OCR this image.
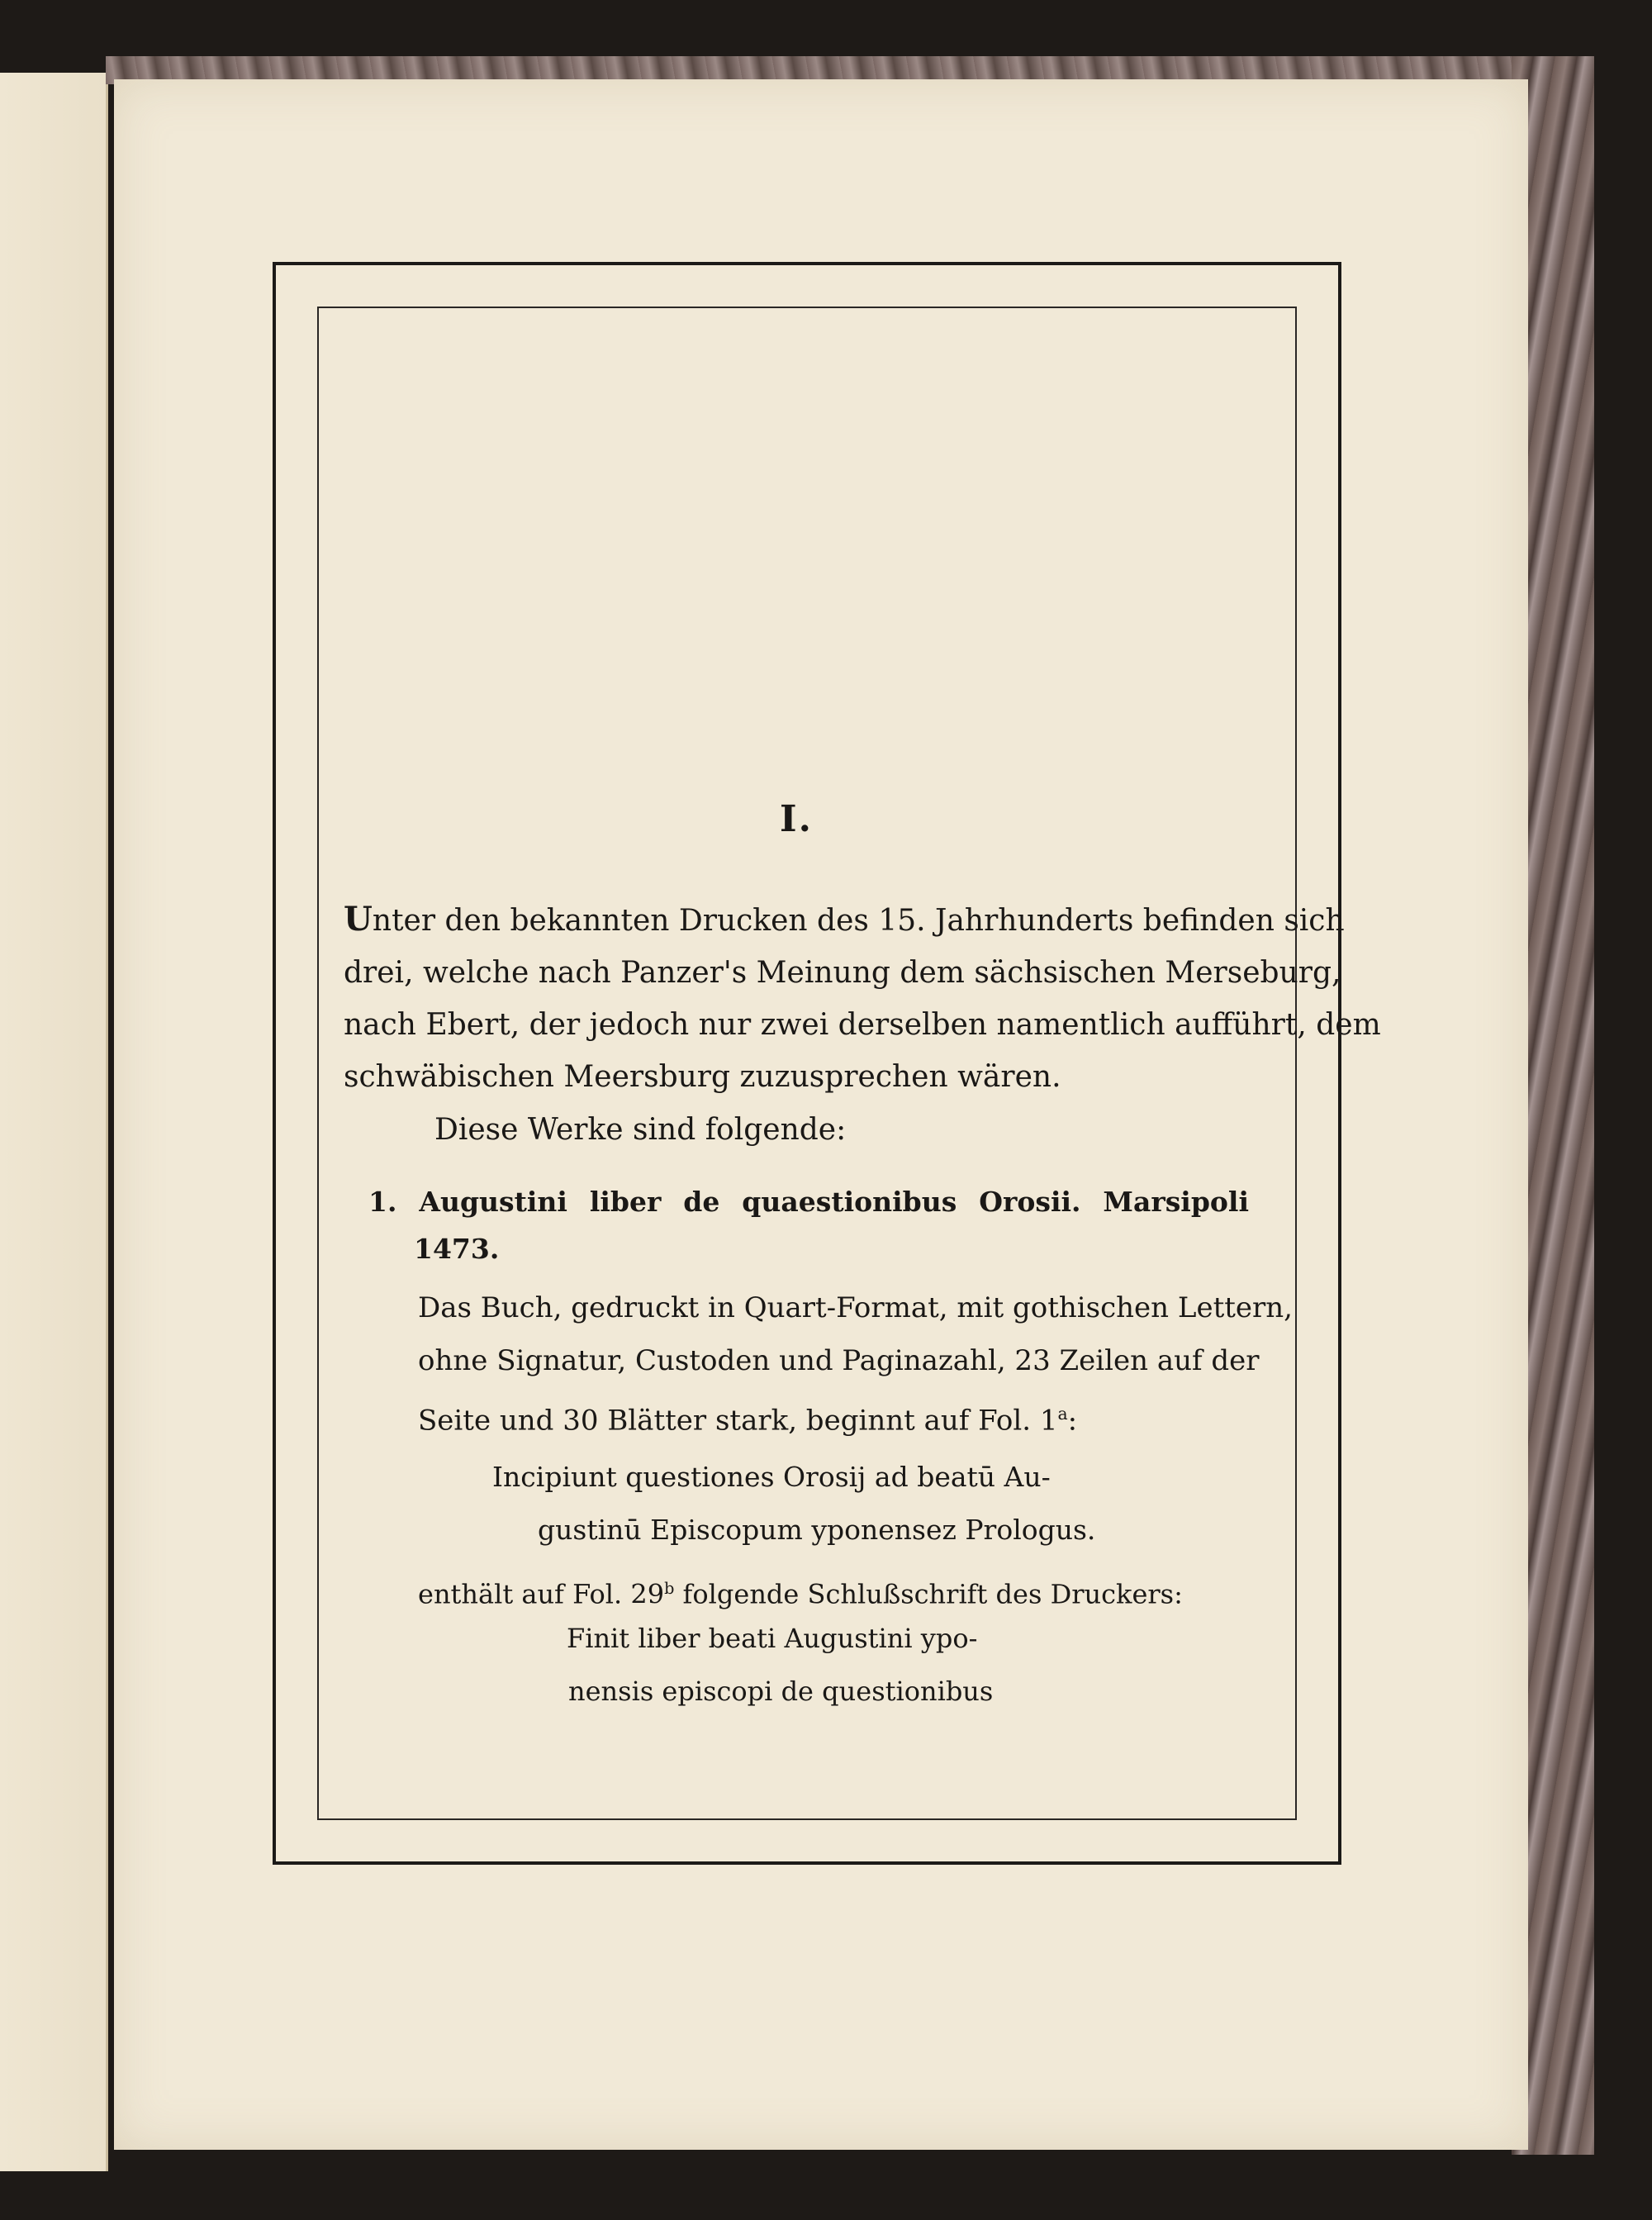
I.
Unter den bekannten Drucken des 15. Jahrhunderts befinden sich
drei, welche nach Panzer's Meinung dem sächsischen Merseburg,
nach Ebert, der jedoch nur zwei derselben namentlich aufführt, dem
schwäbischen Meersburg zuzusprechen wären.
Diese Werke sind folgende:
1. Augustini liber de quaestionibus Orosii. Marsipoli
1473.
Das Buch, gedruckt in Quart-Format, mit gothischen Lettern,
ohne Signatur, Custoden und Paginazahl, 23 Zeilen auf der
Seite und 30 Blätter stark, beginnt auf Fol. 1$^a$:
Incipiunt questiones Orosij ad beatū Au-
gustinū Episcopum yponensez Prologus.
enthält auf Fol. 29$^b$ folgende Schlußschrift des Druckers:
Finit liber beati Augustini ypo-
nensis episcopi de questionibus
